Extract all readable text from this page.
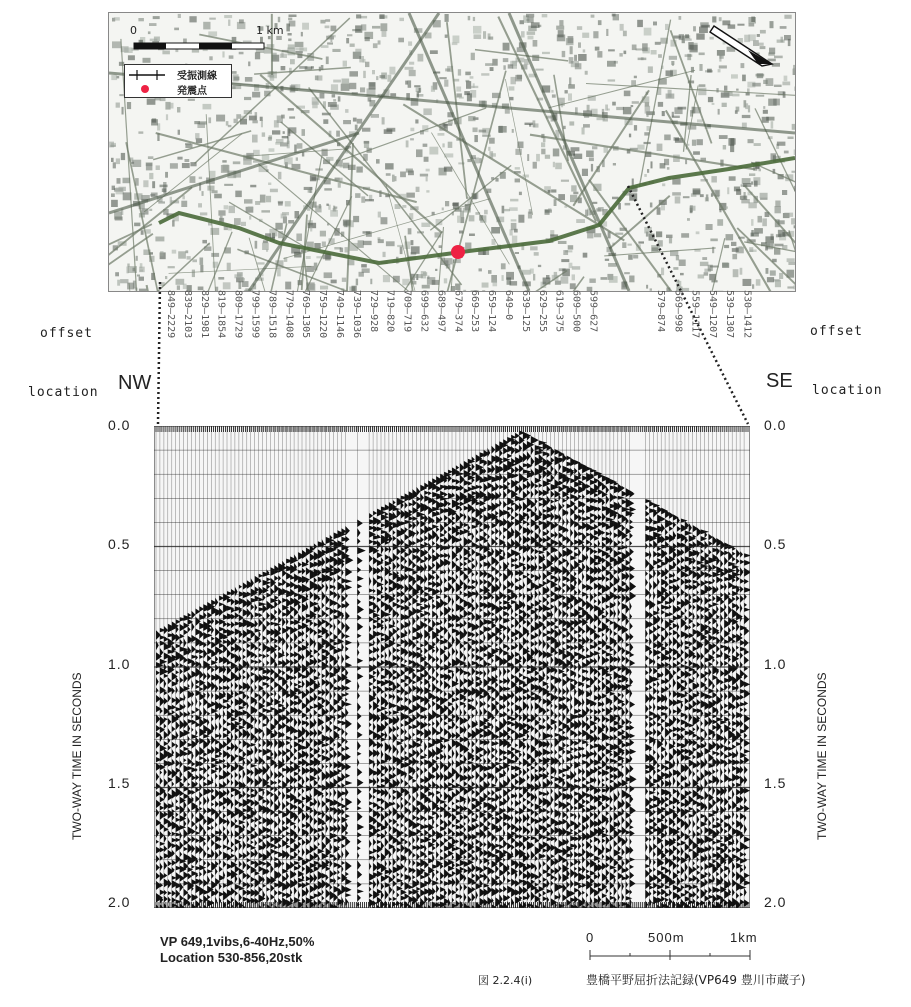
0	1 km
受振測線
発震点
offset
location
offset
location
NW	SE
849—2229
839—2103
829—1981
819—1854
809—1729
799—1599
789—1518
779—1408
769—1305
759—1220
749—1146
739—1036
729—928
719—820
709—719
699—632
689—497
679—374
669—253
659—124
649—0
639—125
629—255
619—375
609—500
599—627
579—874
569—998
559—1117
549—1207
539—1307
530—1412
0.0
0.5
1.0
1.5
2.0
0.0
0.5
1.0
1.5
2.0
TWO-WAY TIME IN SECONDS	TWO-WAY TIME IN SECONDS
VP 649,1vibs,6-40Hz,50%
Location 530-856,20stk
0	500m	1km
図 2.2.4(i)	豊橋平野屈折法記録(VP649 豊川市蔵子)
